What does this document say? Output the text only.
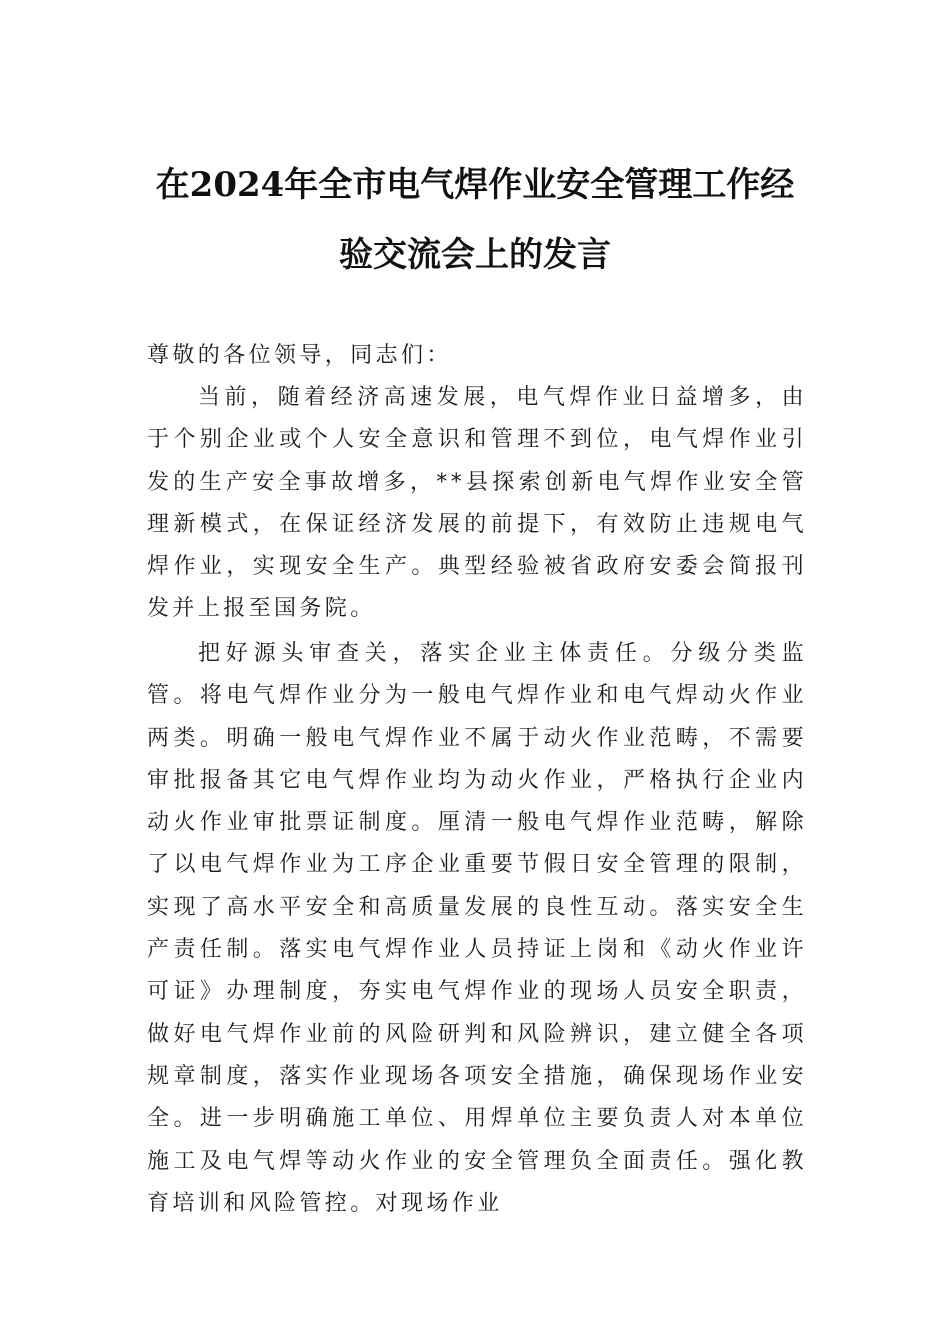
在2024年全市电气焊作业安全管理工作经
验交流会上的发言
尊敬的各位领导，同志们：
当前，随着经济高速发展，电气焊作业日益增多，由于个别企业或个人安全意识和管理不到位，电气焊作业引发的生产安全事故增多，**县探索创新电气焊作业安全管理新模式，在保证经济发展的前提下，有效防止违规电气焊作业，实现安全生产。典型经验被省政府安委会简报刊发并上报至国务院。
把好源头审查关，落实企业主体责任。分级分类监管。将电气焊作业分为一般电气焊作业和电气焊动火作业两类。明确一般电气焊作业不属于动火作业范畴，不需要审批报备其它电气焊作业均为动火作业，严格执行企业内动火作业审批票证制度。厘清一般电气焊作业范畴，解除了以电气焊作业为工序企业重要节假日安全管理的限制，实现了高水平安全和高质量发展的良性互动。落实安全生产责任制。落实电气焊作业人员持证上岗和《动火作业许可证》办理制度，夯实电气焊作业的现场人员安全职责，做好电气焊作业前的风险研判和风险辨识，建立健全各项规章制度，落实作业现场各项安全措施，确保现场作业安全。进一步明确施工单位、用焊单位主要负责人对本单位施工及电气焊等动火作业的安全管理负全面责任。强化教育培训和风险管控。对现场作业
